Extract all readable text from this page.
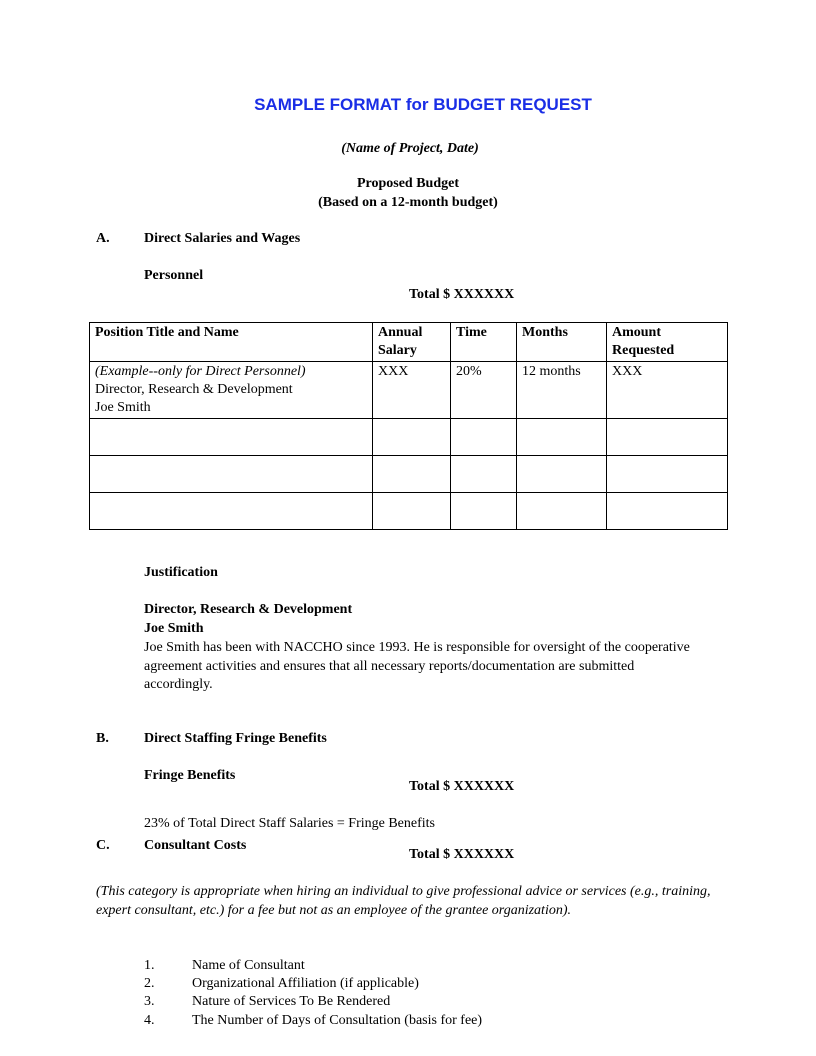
SAMPLE FORMAT for BUDGET REQUEST
(Name of Project, Date)
Proposed Budget
(Based on a 12-month budget)
A. Direct Salaries and Wages
Personnel
Total $ XXXXXX
Position Title and Name	Annual Salary	Time	Months	Amount Requested

(Example--only for Direct Personnel)
Director, Research & Development
Joe Smith	XXX	20%	12 months	XXX

Justification
Director, Research & Development
Joe Smith
Joe Smith has been with NACCHO since 1993. He is responsible for oversight of the cooperative agreement activities and ensures that all necessary reports/documentation are submitted accordingly.
B.	Direct Staffing Fringe Benefits
Fringe Benefits
Total $ XXXXXX
23% of Total Direct Staff Salaries = Fringe Benefits
C. Consultant Costs
Total $ XXXXXX
(This category is appropriate when hiring an individual to give professional advice or services (e.g., training, expert consultant, etc.) for a fee but not as an employee of the grantee organization).
1.	Name of Consultant
2.	Organizational Affiliation (if applicable)
3.	Nature of Services To Be Rendered
4.	The Number of Days of Consultation (basis for fee)
